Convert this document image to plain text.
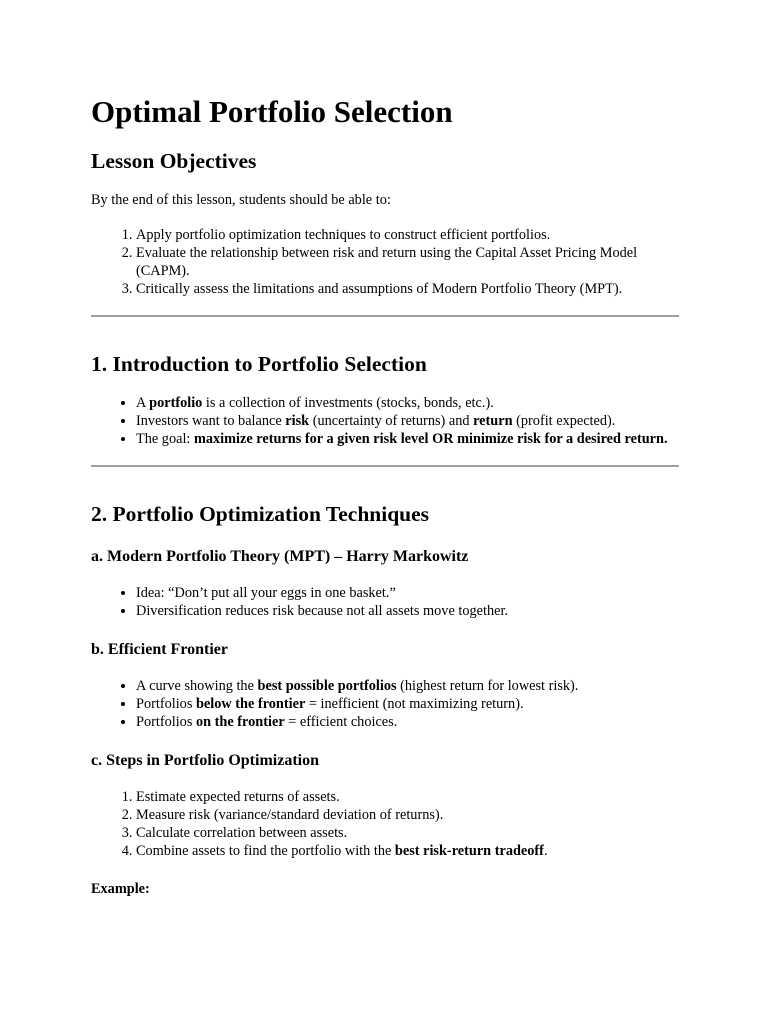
Optimal Portfolio Selection
Lesson Objectives

By the end of this lesson, students should be able to:

1. Apply portfolio optimization techniques to construct efficient portfolios.
2. Evaluate the relationship between risk and return using the Capital Asset Pricing Model (CAPM).
3. Critically assess the limitations and assumptions of Modern Portfolio Theory (MPT).
1. Introduction to Portfolio Selection
• A portfolio is a collection of investments (stocks, bonds, etc.).
• Investors want to balance risk (uncertainty of returns) and return (profit expected).
• The goal: maximize returns for a given risk level OR minimize risk for a desired return.
2. Portfolio Optimization Techniques
a. Modern Portfolio Theory (MPT) – Harry Markowitz
• Idea: “Don’t put all your eggs in one basket.”
• Diversification reduces risk because not all assets move together.
b. Efficient Frontier
• A curve showing the best possible portfolios (highest return for lowest risk).
• Portfolios below the frontier = inefficient (not maximizing return).
• Portfolios on the frontier = efficient choices.
c. Steps in Portfolio Optimization
1. Estimate expected returns of assets.
2. Measure risk (variance/standard deviation of returns).
3. Calculate correlation between assets.
4. Combine assets to find the portfolio with the best risk-return tradeoff.

Example:
